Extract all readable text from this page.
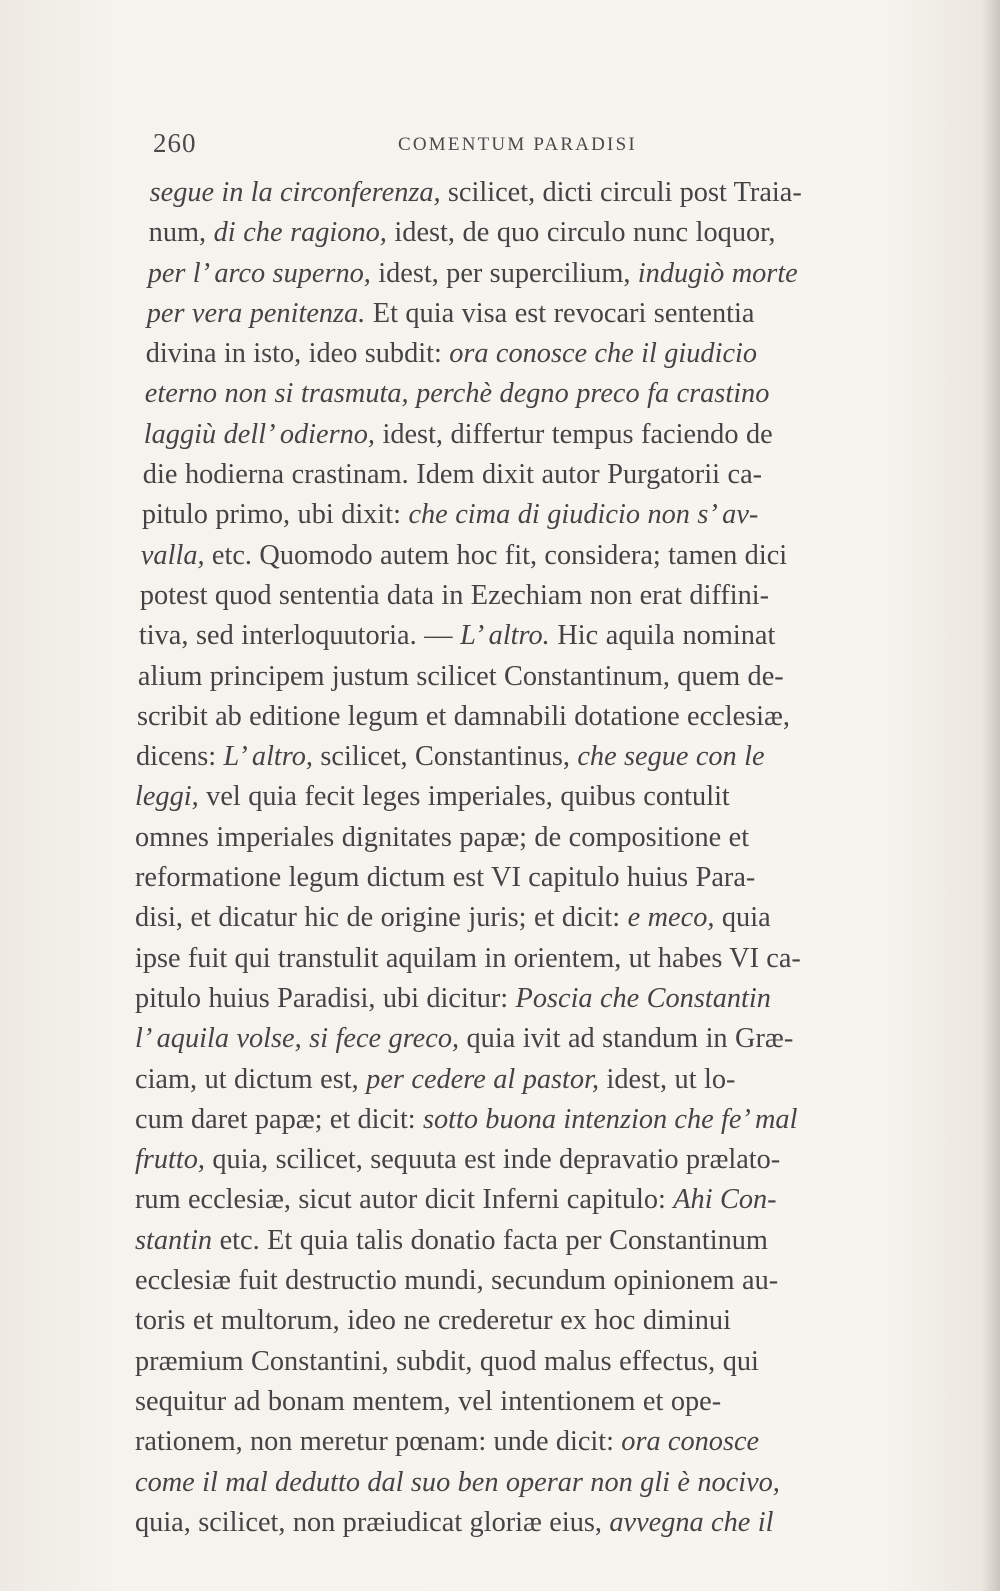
260	COMENTUM PARADISI
segue in la circonferenza, scilicet, dicti circuli post Traia-
num, di che ragiono, idest, de quo circulo nunc loquor,
per l’ arco superno, idest, per supercilium, indugiò morte
per vera penitenza. Et quia visa est revocari sententia
divina in isto, ideo subdit: ora conosce che il giudicio
eterno non si trasmuta, perchè degno preco fa crastino
laggiù dell’ odierno, idest, differtur tempus faciendo de
die hodierna crastinam. Idem dixit autor Purgatorii ca-
pitulo primo, ubi dixit: che cima di giudicio non s’ av-
valla, etc. Quomodo autem hoc fit, considera; tamen dici
potest quod sententia data in Ezechiam non erat diffini-
tiva, sed interloquutoria. — L’ altro. Hic aquila nominat
alium principem justum scilicet Constantinum, quem de-
scribit ab editione legum et damnabili dotatione ecclesiæ,
dicens: L’ altro, scilicet, Constantinus, che segue con le
leggi, vel quia fecit leges imperiales, quibus contulit
omnes imperiales dignitates papæ; de compositione et
reformatione legum dictum est VI capitulo huius Para-
disi, et dicatur hic de origine juris; et dicit: e meco, quia
ipse fuit qui transtulit aquilam in orientem, ut habes VI ca-
pitulo huius Paradisi, ubi dicitur: Poscia che Constantin
l’ aquila volse, si fece greco, quia ivit ad standum in Græ-
ciam, ut dictum est, per cedere al pastor, idest, ut lo-
cum daret papæ; et dicit: sotto buona intenzion che fe’ mal
frutto, quia, scilicet, sequuta est inde depravatio prælato-
rum ecclesiæ, sicut autor dicit Inferni capitulo: Ahi Con-
stantin etc. Et quia talis donatio facta per Constantinum
ecclesiæ fuit destructio mundi, secundum opinionem au-
toris et multorum, ideo ne crederetur ex hoc diminui
præmium Constantini, subdit, quod malus effectus, qui
sequitur ad bonam mentem, vel intentionem et ope-
rationem, non meretur pœnam: unde dicit: ora conosce
come il mal dedutto dal suo ben operar non gli è nocivo,
quia, scilicet, non præiudicat gloriæ eius, avvegna che il
